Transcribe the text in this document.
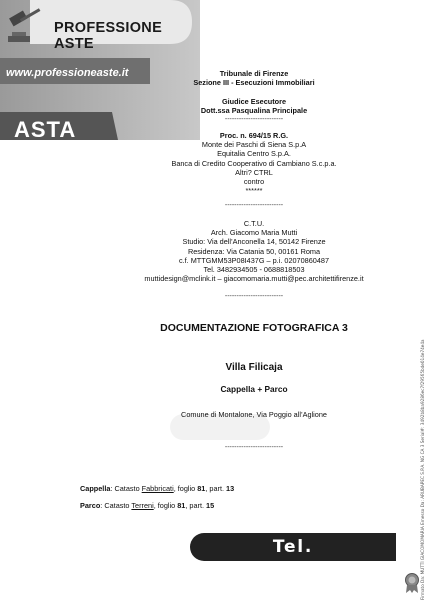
PROFESSIONE ASTE
www.professioneaste.it
ASTA
Tribunale di Firenze
Sezione III - Esecuzioni Immobiliari
Giudice Esecutore
Dott.ssa Pasqualina Principale
-------------------------
Proc. n. 694/15 R.G.
Monte dei Paschi di Siena S.p.A
Equitalia Centro S.p.A.
Banca di Credito Cooperativo di Cambiano S.c.p.a.
Altri? CTRL
contro
******
-------------------------
C.T.U.
Arch. Giacomo Maria Mutti
Studio: Via dell’Anconella 14, 50142 Firenze
Residenza: Via Catania 50, 00161 Roma
c.f. MTTGMM53P08I437G – p.i. 02070860487
Tel. 3482934505 - 0688818503
muttidesign@mclink.it – giacomomaria.mutti@pec.architettifirenze.it
-------------------------
DOCUMENTAZIONE FOTOGRAFICA 3
Villa Filicaja
Cappella + Parco
Comune di Montalone, Via Poggio all’Aglione
-------------------------
Cappella: Catasto Fabbricati, foglio 81, part. 13
Parco: Catasto Terreni, foglio 81, part. 15
Tel. 055.975.11.35	Firmato Da: MUTTI GIACOMOMARIA Emesso Da: ARUBAPEC S.P.A. NG CA 3 Serial#: 3492b8ba9286ec7f29565bde014e74e4a
